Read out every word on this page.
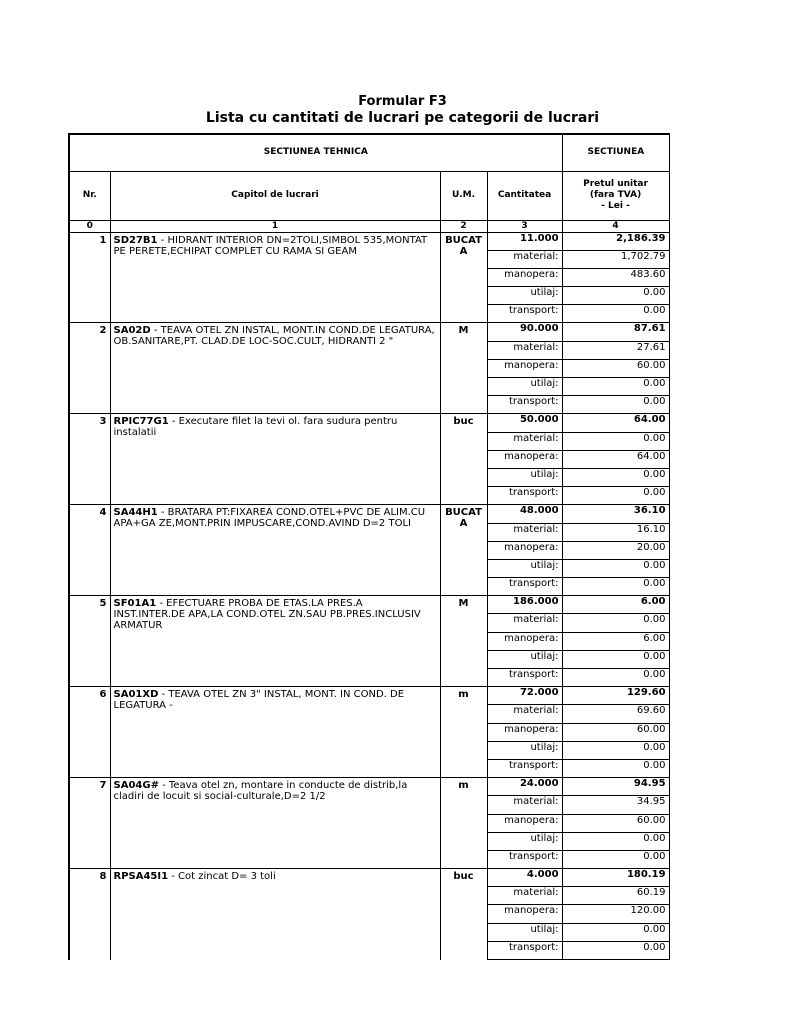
Formular F3
Lista cu cantitati de lucrari pe categorii de lucrari
SECTIUNEA TEHNICA				SECTIUNEA
Nr.	Capitol de lucrari	U.M.	Cantitatea	Pretul unitar
(fara TVA)
- Lei -

0	1	2	3	4
1	SD27B1 - HIDRANT INTERIOR DN=2TOLI,SIMBOL 535,MONTAT PE PERETE,ECHIPAT COMPLET CU RAMA SI GEAM	BUCAT A	11.000	2,186.39
			material:	1,702.79
			manopera:	483.60
			utilaj:	0.00
			transport:	0.00
2	SA02D - TEAVA OTEL ZN INSTAL, MONT.IN COND.DE LEGATURA, OB.SANITARE,PT. CLAD.DE LOC-SOC.CULT, HIDRANTI 2 "	M	90.000	87.61
			material:	27.61
			manopera:	60.00
			utilaj:	0.00
			transport:	0.00
3	RPIC77G1 - Executare filet la tevi ol. fara sudura pentru instalatii	buc	50.000	64.00
			material:	0.00
			manopera:	64.00
			utilaj:	0.00
			transport:	0.00
4	SA44H1 - BRATARA PT:FIXAREA COND.OTEL+PVC DE ALIM.CU APA+GA ZE,MONT.PRIN IMPUSCARE,COND.AVIND D=2 TOLI	BUCAT A	48.000	36.10
			material:	16.10
			manopera:	20.00
			utilaj:	0.00
			transport:	0.00
5	SF01A1 - EFECTUARE PROBA DE ETAS.LA PRES.A INST.INTER.DE APA,LA COND.OTEL ZN.SAU PB.PRES.INCLUSIV ARMATUR	M	186.000	6.00
			material:	0.00
			manopera:	6.00
			utilaj:	0.00
			transport:	0.00
6	SA01XD - TEAVA OTEL ZN 3" INSTAL, MONT. IN COND. DE LEGATURA -	m	72.000	129.60
			material:	69.60
			manopera:	60.00
			utilaj:	0.00
			transport:	0.00
7	SA04G# - Teava otel zn, montare in conducte de distrib,la cladiri de locuit si social-culturale,D=2 1/2	m	24.000	94.95
			material:	34.95
			manopera:	60.00
			utilaj:	0.00
			transport:	0.00
8	RPSA45I1 - Cot zincat D= 3 toli	buc	4.000	180.19
			material:	60.19
			manopera:	120.00
			utilaj:	0.00
			transport:	0.00
